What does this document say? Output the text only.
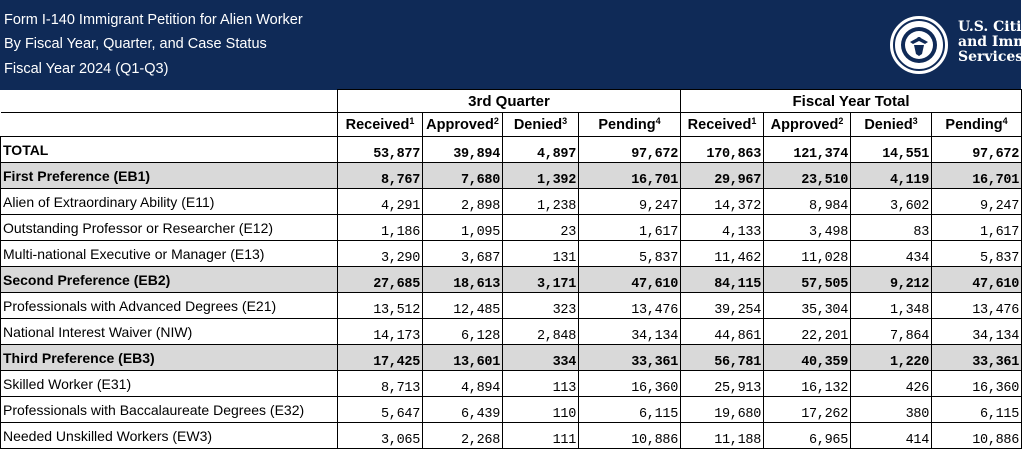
Form I-140 Immigrant Petition for Alien Worker
By Fiscal Year, Quarter, and Case Status
Fiscal Year 2024 (Q1-Q3)
U.S. Citiz
and Imm
Services
	3rd Quarter				Fiscal Year Total			
	Received$^1$	Approved$^2$	Denied$^3$	Pending$^4$	Received$^1$	Approved$^2$	Denied$^3$	Pending$^4$
TOTAL	53,877	39,894	4,897	97,672	170,863	121,374	14,551	97,672
First Preference (EB1)	8,767	7,680	1,392	16,701	29,967	23,510	4,119	16,701
Alien of Extraordinary Ability (E11)	4,291	2,898	1,238	9,247	14,372	8,984	3,602	9,247
Outstanding Professor or Researcher (E12)	1,186	1,095	23	1,617	4,133	3,498	83	1,617
Multi-national Executive or Manager (E13)	3,290	3,687	131	5,837	11,462	11,028	434	5,837
Second Preference (EB2)	27,685	18,613	3,171	47,610	84,115	57,505	9,212	47,610
Professionals with Advanced Degrees (E21)	13,512	12,485	323	13,476	39,254	35,304	1,348	13,476
National Interest Waiver (NIW)	14,173	6,128	2,848	34,134	44,861	22,201	7,864	34,134
Third Preference (EB3)	17,425	13,601	334	33,361	56,781	40,359	1,220	33,361
Skilled Worker (E31)	8,713	4,894	113	16,360	25,913	16,132	426	16,360
Professionals with Baccalaureate Degrees (E32)	5,647	6,439	110	6,115	19,680	17,262	380	6,115
Needed Unskilled Workers (EW3)	3,065	2,268	111	10,886	11,188	6,965	414	10,886
